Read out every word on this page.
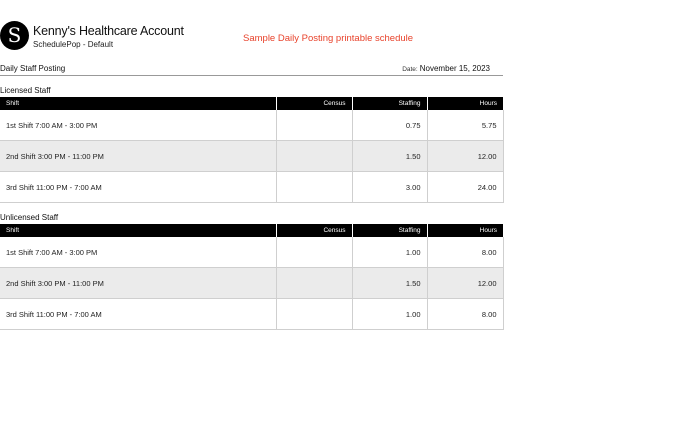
S Kenny's Healthcare Account
SchedulePop - Default
Sample Daily Posting printable schedule
Daily Staff Posting	Date: November 15, 2023
Licensed Staff
Shift	Census	Staffing	Hours
1st Shift 7:00 AM - 3:00 PM		0.75	5.75
2nd Shift 3:00 PM - 11:00 PM		1.50	12.00
3rd Shift 11:00 PM - 7:00 AM		3.00	24.00
Unlicensed Staff
Shift	Census	Staffing	Hours
1st Shift 7:00 AM - 3:00 PM		1.00	8.00
2nd Shift 3:00 PM - 11:00 PM		1.50	12.00
3rd Shift 11:00 PM - 7:00 AM		1.00	8.00
